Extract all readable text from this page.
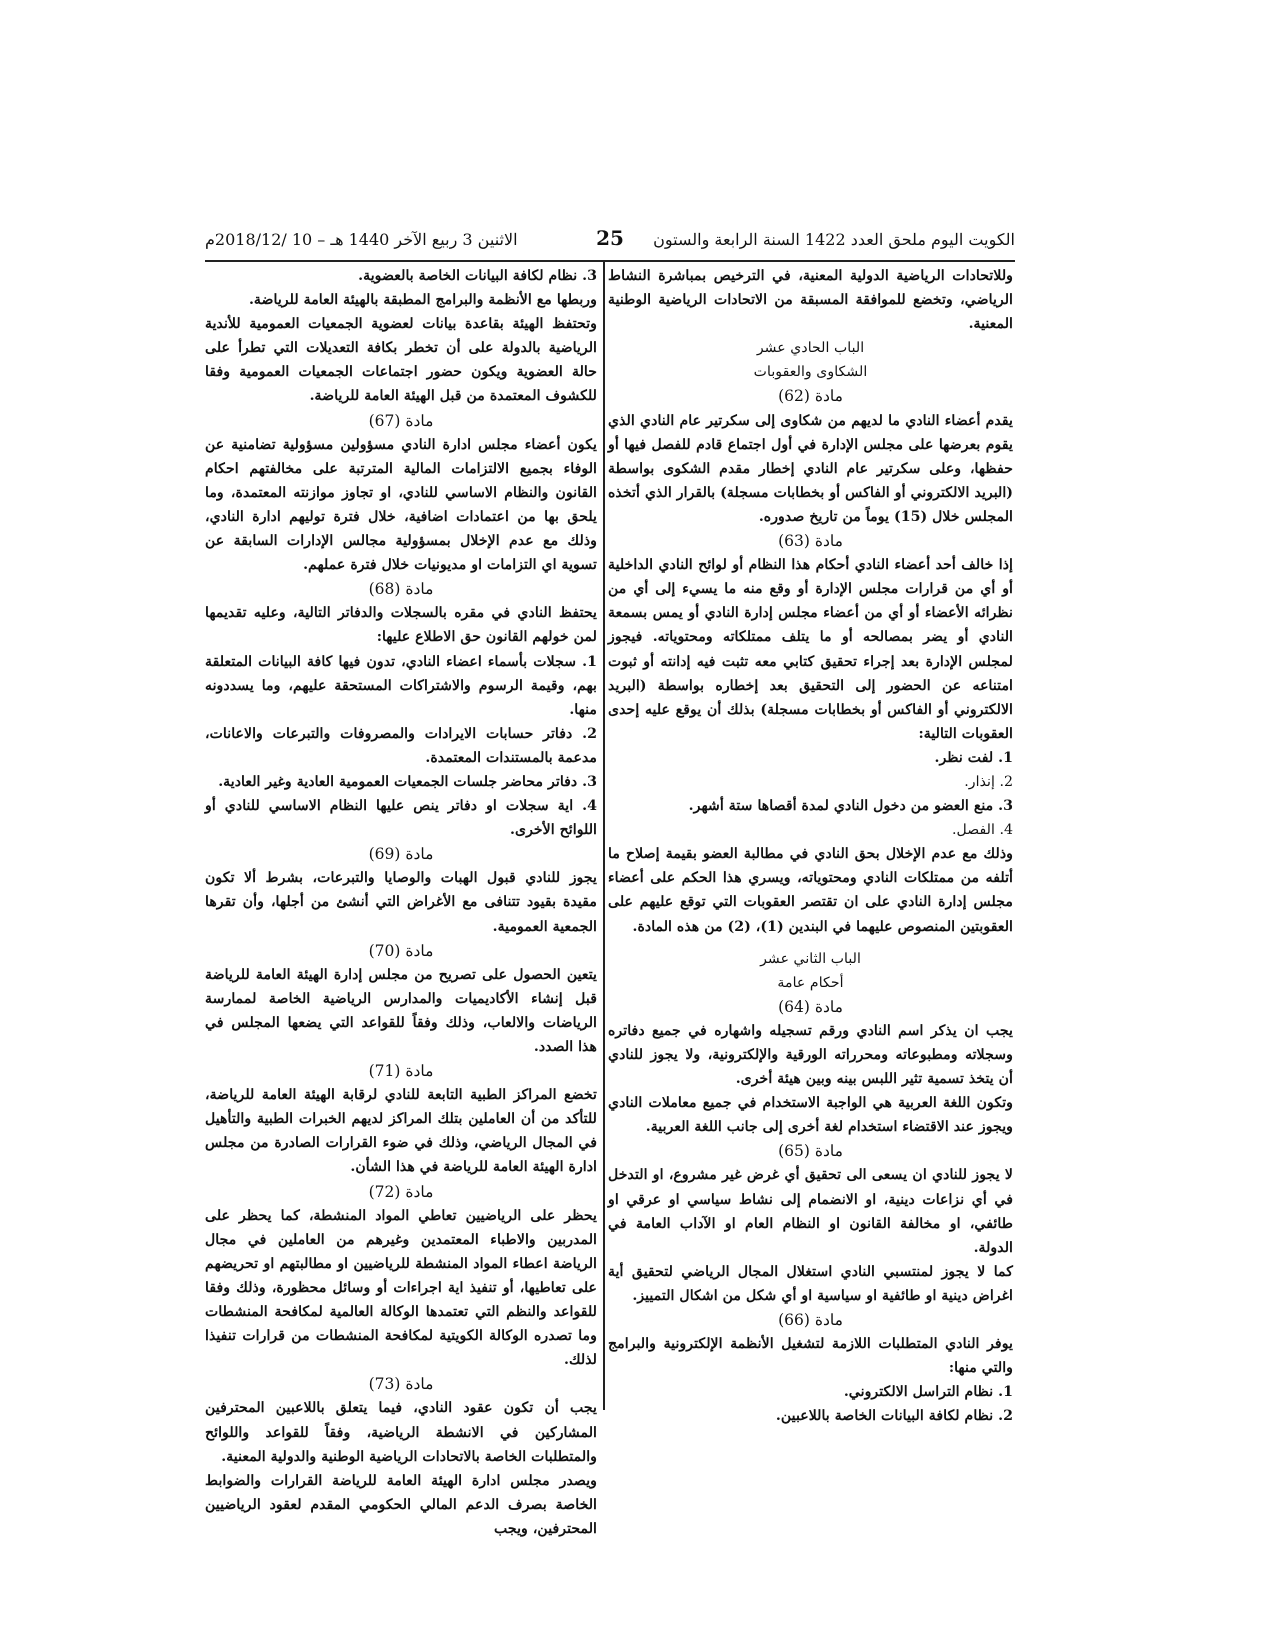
الكويت اليوم ملحق العدد 1422 السنة الرابعة والستون
25
الاثنين 3 ربيع الآخر 1440 هـ – 10 /2018/12م

وللاتحادات الرياضية الدولية المعنية، في الترخيص بمباشرة النشاط الرياضي، وتخضع للموافقة المسبقة من الاتحادات الرياضية الوطنية المعنية.

الباب الحادي عشر

الشكاوى والعقوبات

مادة (62)

يقدم أعضاء النادي ما لديهم من شكاوى إلى سكرتير عام النادي الذي يقوم بعرضها على مجلس الإدارة في أول اجتماع قادم للفصل فيها أو حفظها، وعلى سكرتير عام النادي إخطار مقدم الشكوى بواسطة (البريد الالكتروني أو الفاكس أو بخطابات مسجلة) بالقرار الذي أتخذه المجلس خلال (15) يوماً من تاريخ صدوره.

مادة (63)

إذا خالف أحد أعضاء النادي أحكام هذا النظام أو لوائح النادي الداخلية أو أي من قرارات مجلس الإدارة أو وقع منه ما يسيء إلى أي من نظرائه الأعضاء أو أي من أعضاء مجلس إدارة النادي أو يمس بسمعة النادي أو يضر بمصالحه أو ما يتلف ممتلكاته ومحتوياته. فيجوز لمجلس الإدارة بعد إجراء تحقيق كتابي معه تثبت فيه إدانته أو ثبوت امتناعه عن الحضور إلى التحقيق بعد إخطاره بواسطة (البريد الالكتروني أو الفاكس أو بخطابات مسجلة) بذلك أن يوقع عليه إحدى العقوبات التالية:

1. لفت نظر.

2. إنذار.

3. منع العضو من دخول النادي لمدة أقصاها ستة أشهر.

4. الفصل.

وذلك مع عدم الإخلال بحق النادي في مطالبة العضو بقيمة إصلاح ما أتلفه من ممتلكات النادي ومحتوياته، ويسري هذا الحكم على أعضاء مجلس إدارة النادي على ان تقتصر العقوبات التي توقع عليهم على العقوبتين المنصوص عليهما في البندين (1)، (2) من هذه المادة.

الباب الثاني عشر

أحكام عامة

مادة (64)

يجب ان يذكر اسم النادي ورقم تسجيله واشهاره في جميع دفاتره وسجلاته ومطبوعاته ومحرراته الورقية والإلكترونية، ولا يجوز للنادي أن يتخذ تسمية تثير اللبس بينه وبين هيئة أخرى.

وتكون اللغة العربية هي الواجبة الاستخدام في جميع معاملات النادي ويجوز عند الاقتضاء استخدام لغة أخرى إلى جانب اللغة العربية.

مادة (65)

لا يجوز للنادي ان يسعى الى تحقيق أي غرض غير مشروع، او التدخل في أي نزاعات دينية، او الانضمام إلى نشاط سياسي او عرقي او طائفي، او مخالفة القانون او النظام العام او الآداب العامة في الدولة.

كما لا يجوز لمنتسبي النادي استغلال المجال الرياضي لتحقيق أية اغراض دينية او طائفية او سياسية او أي شكل من اشكال التمييز.

مادة (66)

يوفر النادي المتطلبات اللازمة لتشغيل الأنظمة الإلكترونية والبرامج والتي منها:

1. نظام التراسل الالكتروني.

2. نظام لكافة البيانات الخاصة باللاعبين.

3. نظام لكافة البيانات الخاصة بالعضوية.

وربطها مع الأنظمة والبرامج المطبقة بالهيئة العامة للرياضة.

وتحتفظ الهيئة بقاعدة بيانات لعضوية الجمعيات العمومية للأندية الرياضية بالدولة على أن تخطر بكافة التعديلات التي تطرأ على حالة العضوية ويكون حضور اجتماعات الجمعيات العمومية وفقا للكشوف المعتمدة من قبل الهيئة العامة للرياضة.

مادة (67)

يكون أعضاء مجلس ادارة النادي مسؤولين مسؤولية تضامنية عن الوفاء بجميع الالتزامات المالية المترتبة على مخالفتهم احكام القانون والنظام الاساسي للنادي، او تجاوز موازنته المعتمدة، وما يلحق بها من اعتمادات اضافية، خلال فترة توليهم ادارة النادي، وذلك مع عدم الإخلال بمسؤولية مجالس الإدارات السابقة عن تسوية اي التزامات او مديونيات خلال فترة عملهم.

مادة (68)

يحتفظ النادي في مقره بالسجلات والدفاتر التالية، وعليه تقديمها لمن خولهم القانون حق الاطلاع عليها:

1. سجلات بأسماء اعضاء النادي، تدون فيها كافة البيانات المتعلقة بهم، وقيمة الرسوم والاشتراكات المستحقة عليهم، وما يسددونه منها.

2. دفاتر حسابات الايرادات والمصروفات والتبرعات والاعانات، مدعمة بالمستندات المعتمدة.

3. دفاتر محاضر جلسات الجمعيات العمومية العادية وغير العادية.

4. اية سجلات او دفاتر ينص عليها النظام الاساسي للنادي أو اللوائح الأخرى.

مادة (69)

يجوز للنادي قبول الهبات والوصايا والتبرعات، بشرط ألا تكون مقيدة بقيود تتنافى مع الأغراض التي أنشئ من أجلها، وأن تقرها الجمعية العمومية.

مادة (70)

يتعين الحصول على تصريح من مجلس إدارة الهيئة العامة للرياضة قبل إنشاء الأكاديميات والمدارس الرياضية الخاصة لممارسة الرياضات والالعاب، وذلك وفقاً للقواعد التي يضعها المجلس في هذا الصدد.

مادة (71)

تخضع المراكز الطبية التابعة للنادي لرقابة الهيئة العامة للرياضة، للتأكد من أن العاملين بتلك المراكز لديهم الخبرات الطبية والتأهيل في المجال الرياضي، وذلك في ضوء القرارات الصادرة من مجلس ادارة الهيئة العامة للرياضة في هذا الشأن.

مادة (72)

يحظر على الرياضيين تعاطي المواد المنشطة، كما يحظر على المدربين والاطباء المعتمدين وغيرهم من العاملين في مجال الرياضة اعطاء المواد المنشطة للرياضيين او مطالبتهم او تحريضهم على تعاطيها، أو تنفيذ اية اجراءات أو وسائل محظورة، وذلك وفقا للقواعد والنظم التي تعتمدها الوكالة العالمية لمكافحة المنشطات وما تصدره الوكالة الكويتية لمكافحة المنشطات من قرارات تنفيذا لذلك.

مادة (73)

يجب أن تكون عقود النادي، فيما يتعلق باللاعبين المحترفين المشاركين في الانشطة الرياضية، وفقاً للقواعد واللوائح والمتطلبات الخاصة بالاتحادات الرياضية الوطنية والدولية المعنية.

ويصدر مجلس ادارة الهيئة العامة للرياضة القرارات والضوابط الخاصة بصرف الدعم المالي الحكومي المقدم لعقود الرياضيين المحترفين، ويجب
